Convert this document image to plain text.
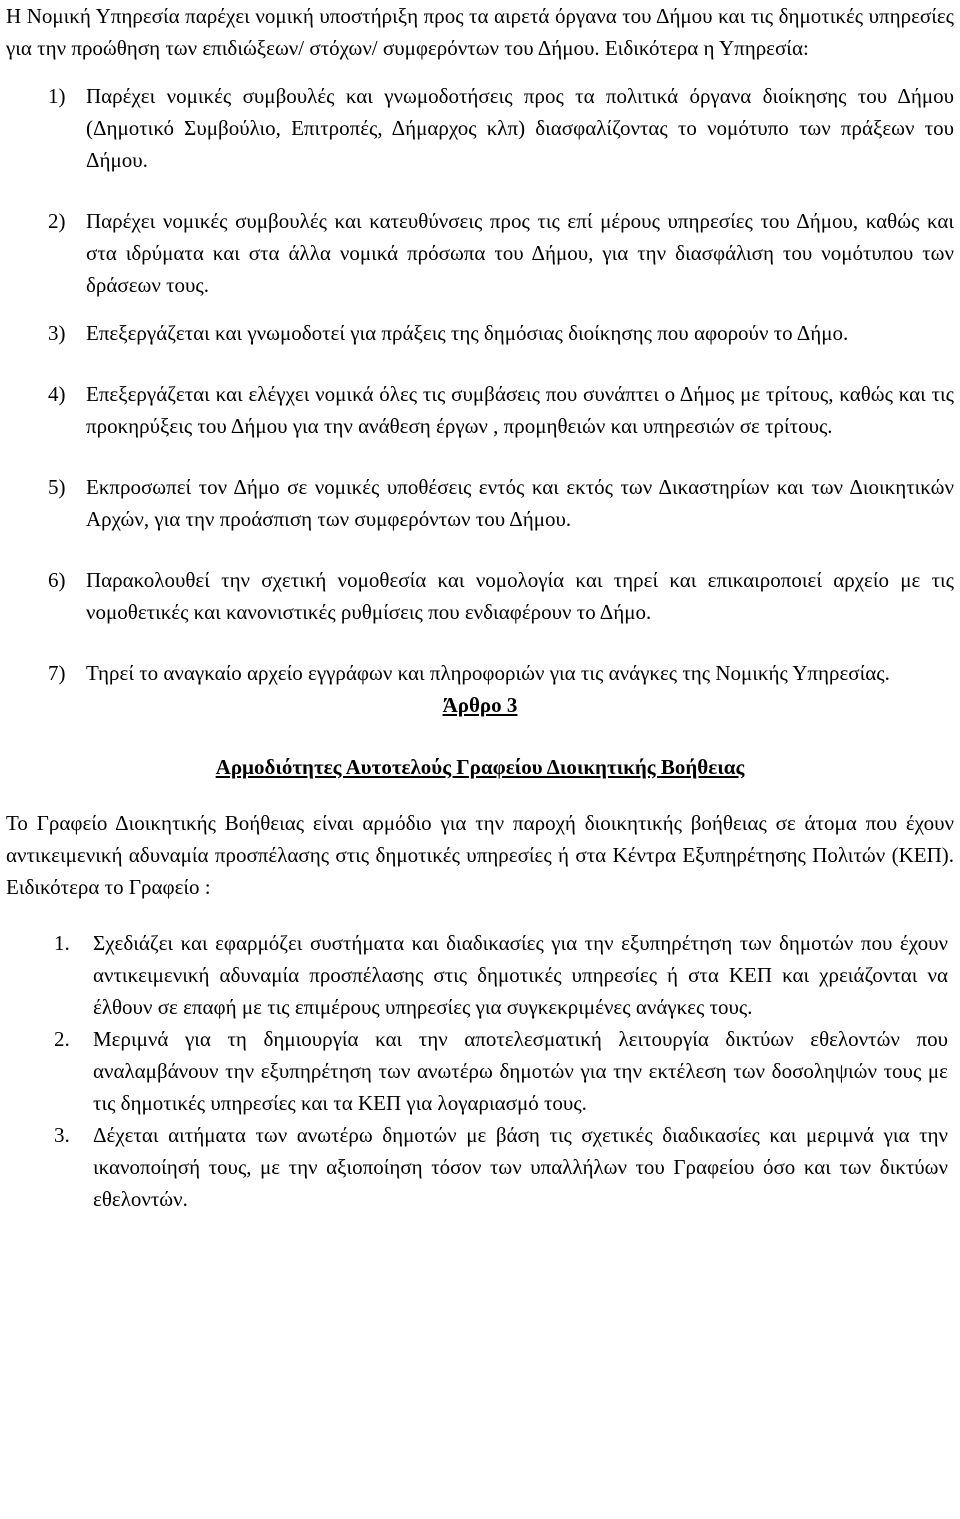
Η Νομική Υπηρεσία παρέχει νομική υποστήριξη προς τα αιρετά όργανα του Δήμου και τις δημοτικές υπηρεσίες για την προώθηση των επιδιώξεων/ στόχων/ συμφερόντων του Δήμου. Ειδικότερα η Υπηρεσία:

1) Παρέχει νομικές συμβουλές και γνωμοδοτήσεις προς τα πολιτικά όργανα διοίκησης του Δήμου (Δημοτικό Συμβούλιο, Επιτροπές, Δήμαρχος κλπ) διασφαλίζοντας το νομότυπο των πράξεων του Δήμου.
2) Παρέχει νομικές συμβουλές και κατευθύνσεις προς τις επί μέρους υπηρεσίες του Δήμου, καθώς και στα ιδρύματα και στα άλλα νομικά πρόσωπα του Δήμου, για την διασφάλιση του νομότυπου των δράσεων τους.
3) Επεξεργάζεται και γνωμοδοτεί για πράξεις της δημόσιας διοίκησης που αφορούν το Δήμο.
4) Επεξεργάζεται και ελέγχει νομικά όλες τις συμβάσεις που συνάπτει ο Δήμος με τρίτους, καθώς και τις προκηρύξεις του Δήμου για την ανάθεση έργων , προμηθειών και υπηρεσιών σε τρίτους.
5) Εκπροσωπεί τον Δήμο σε νομικές υποθέσεις εντός και εκτός των Δικαστηρίων και των Διοικητικών Αρχών, για την προάσπιση των συμφερόντων του Δήμου.
6) Παρακολουθεί την σχετική νομοθεσία και νομολογία και τηρεί και επικαιροποιεί αρχείο με τις νομοθετικές και κανονιστικές ρυθμίσεις που ενδιαφέρουν το Δήμο.
7) Τηρεί το αναγκαίο αρχείο εγγράφων και πληροφοριών για τις ανάγκες της Νομικής Υπηρεσίας.
Άρθρο 3
Αρμοδιότητες Αυτοτελούς Γραφείου Διοικητικής Βοήθειας

Το Γραφείο Διοικητικής Βοήθειας είναι αρμόδιο για την παροχή διοικητικής βοήθειας σε άτομα που έχουν αντικειμενική αδυναμία προσπέλασης στις δημοτικές υπηρεσίες ή στα Κέντρα Εξυπηρέτησης Πολιτών (ΚΕΠ). Ειδικότερα το Γραφείο :

1. Σχεδιάζει και εφαρμόζει συστήματα και διαδικασίες για την εξυπηρέτηση των δημοτών που έχουν αντικειμενική αδυναμία προσπέλασης στις δημοτικές υπηρεσίες ή στα ΚΕΠ και χρειάζονται να έλθουν σε επαφή με τις επιμέρους υπηρεσίες για συγκεκριμένες ανάγκες τους.
2. Μεριμνά για τη δημιουργία και την αποτελεσματική λειτουργία δικτύων εθελοντών που αναλαμβάνουν την εξυπηρέτηση των ανωτέρω δημοτών για την εκτέλεση των δοσοληψιών τους με τις δημοτικές υπηρεσίες και τα ΚΕΠ για λογαριασμό τους.
3. Δέχεται αιτήματα των ανωτέρω δημοτών με βάση τις σχετικές διαδικασίες και μεριμνά για την ικανοποίησή τους, με την αξιοποίηση τόσον των υπαλλήλων του Γραφείου όσο και των δικτύων εθελοντών.
